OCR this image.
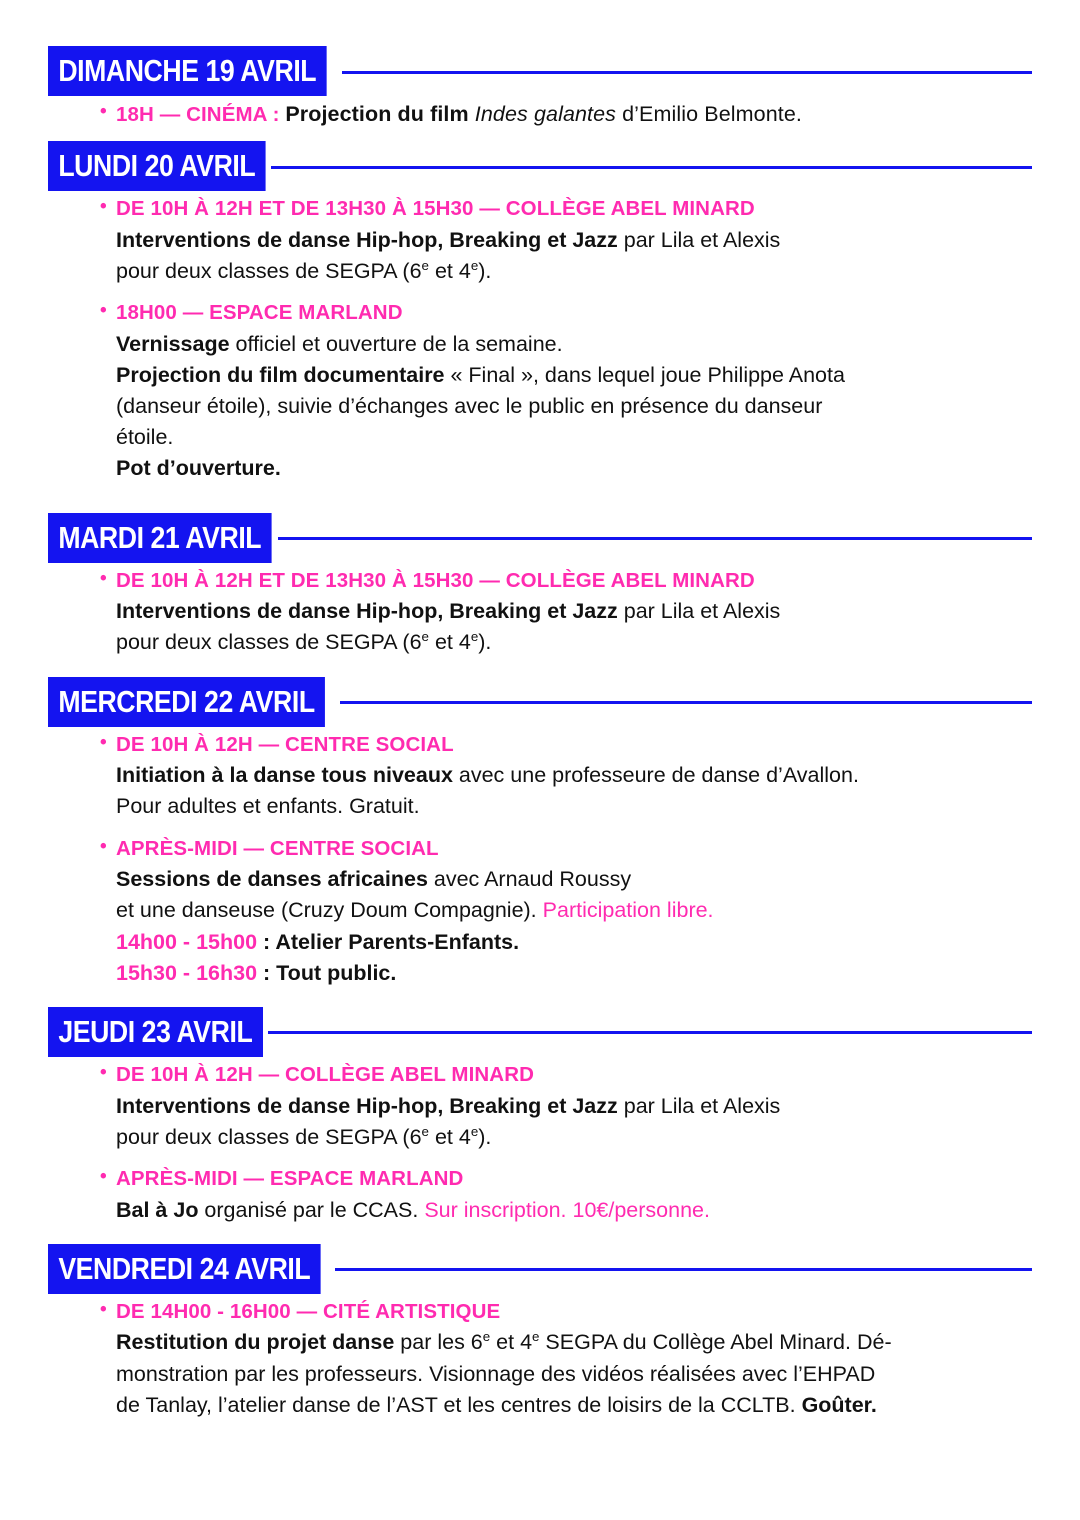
DIMANCHE 19 AVRIL
• 18H — CINÉMA : Projection du film Indes galantes d’Emilio Belmonte.
LUNDI 20 AVRIL
• DE 10H À 12H ET DE 13H30 À 15H30 — COLLÈGE ABEL MINARD
Interventions de danse Hip-hop, Breaking et Jazz par Lila et Alexis
pour deux classes de SEGPA (6e et 4e).
• 18H00 — ESPACE MARLAND
Vernissage officiel et ouverture de la semaine.
Projection du film documentaire « Final », dans lequel joue Philippe Anota
(danseur étoile), suivie d’échanges avec le public en présence du danseur
étoile.
Pot d’ouverture.
MARDI 21 AVRIL
• DE 10H À 12H ET DE 13H30 À 15H30 — COLLÈGE ABEL MINARD
Interventions de danse Hip-hop, Breaking et Jazz par Lila et Alexis
pour deux classes de SEGPA (6e et 4e).
MERCREDI 22 AVRIL
• DE 10H À 12H — CENTRE SOCIAL
Initiation à la danse tous niveaux avec une professeure de danse d’Avallon.
Pour adultes et enfants. Gratuit.
• APRÈS-MIDI — CENTRE SOCIAL
Sessions de danses africaines avec Arnaud Roussy
et une danseuse (Cruzy Doum Compagnie). Participation libre.
14h00 - 15h00 : Atelier Parents-Enfants.
15h30 - 16h30 : Tout public.
JEUDI 23 AVRIL
• DE 10H À 12H — COLLÈGE ABEL MINARD
Interventions de danse Hip-hop, Breaking et Jazz par Lila et Alexis
pour deux classes de SEGPA (6e et 4e).
• APRÈS-MIDI — ESPACE MARLAND
Bal à Jo organisé par le CCAS. Sur inscription. 10€/personne.
VENDREDI 24 AVRIL
• DE 14H00 - 16H00 — CITÉ ARTISTIQUE
Restitution du projet danse par les 6e et 4e SEGPA du Collège Abel Minard. Dé-
monstration par les professeurs. Visionnage des vidéos réalisées avec l’EHPAD
de Tanlay, l’atelier danse de l’AST et les centres de loisirs de la CCLTB. Goûter.
